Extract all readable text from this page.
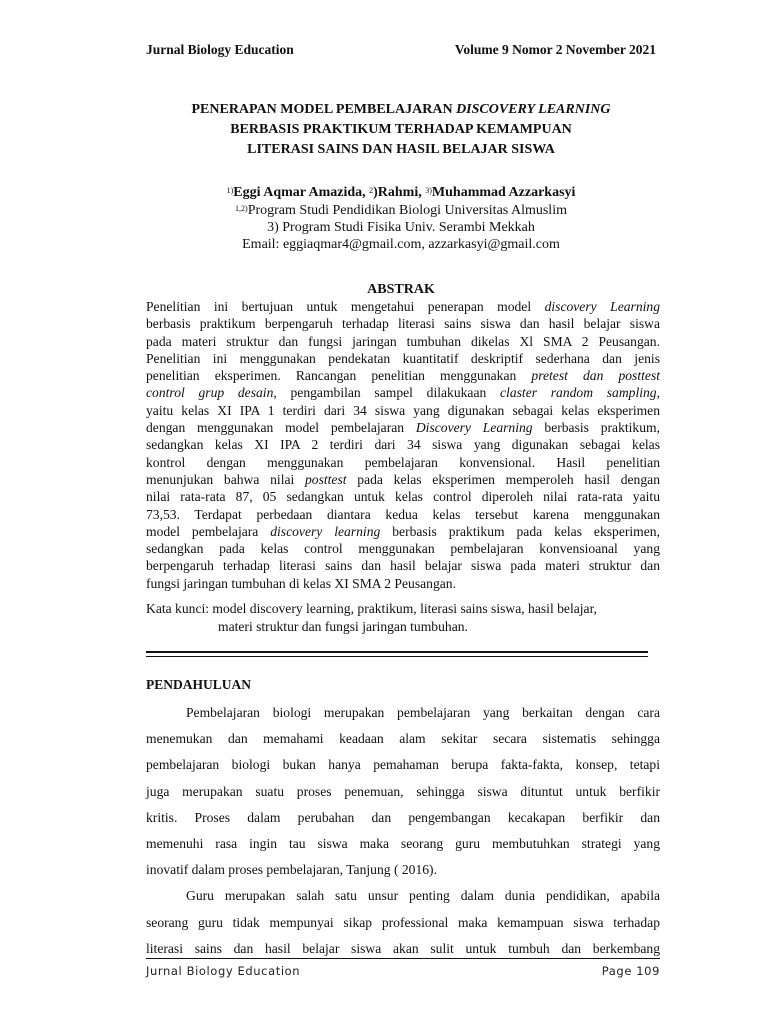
Jurnal Biology Education	Volume 9 Nomor 2 November 2021
PENERAPAN MODEL PEMBELAJARAN DISCOVERY LEARNING
BERBASIS PRAKTIKUM TERHADAP KEMAMPUAN
LITERASI SAINS DAN HASIL BELAJAR SISWA
$^{1)}$Eggi Aqmar Amazida, $^2$)Rahmi, $^{3)}$Muhammad Azzarkasyi
$^{1,2)}$Program Studi Pendidikan Biologi Universitas Almuslim
3) Program Studi Fisika Univ. Serambi Mekkah
Email: eggiaqmar4@gmail.com, azzarkasyi@gmail.com
ABSTRAK
Penelitian ini bertujuan untuk mengetahui penerapan model discovery Learning
berbasis praktikum berpengaruh terhadap literasi sains siswa dan hasil belajar siswa
pada materi struktur dan fungsi jaringan tumbuhan dikelas Xl SMA 2 Peusangan.
Penelitian ini menggunakan pendekatan kuantitatif deskriptif sederhana dan jenis
penelitian eksperimen. Rancangan penelitian menggunakan pretest dan posttest
control grup desain, pengambilan sampel dilakukaan claster random sampling,
yaitu kelas XI IPA 1 terdiri dari 34 siswa yang digunakan sebagai kelas eksperimen
dengan menggunakan model pembelajaran Discovery Learning berbasis praktikum,
sedangkan kelas XI IPA 2 terdiri dari 34 siswa yang digunakan sebagai kelas
kontrol dengan menggunakan pembelajaran konvensional. Hasil penelitian
menunjukan bahwa nilai posttest pada kelas eksperimen memperoleh hasil dengan
nilai rata-rata 87, 05 sedangkan untuk kelas control diperoleh nilai rata-rata yaitu
73,53. Terdapat perbedaan diantara kedua kelas tersebut karena menggunakan
model pembelajara discovery learning berbasis praktikum pada kelas eksperimen,
sedangkan pada kelas control menggunakan pembelajaran konvensioanal yang
berpengaruh terhadap literasi sains dan hasil belajar siswa pada materi struktur dan
fungsi jaringan tumbuhan di kelas XI SMA 2 Peusangan.
Kata kunci: model discovery learning, praktikum, literasi sains siswa, hasil belajar,
materi struktur dan fungsi jaringan tumbuhan.
PENDAHULUAN
Pembelajaran biologi merupakan pembelajaran yang berkaitan dengan cara
menemukan dan memahami keadaan alam sekitar secara sistematis sehingga
pembelajaran biologi bukan hanya pemahaman berupa fakta-fakta, konsep, tetapi
juga merupakan suatu proses penemuan, sehingga siswa dituntut untuk berfikir
kritis. Proses dalam perubahan dan pengembangan kecakapan berfikir dan
memenuhi rasa ingin tau siswa maka seorang guru membutuhkan strategi yang
inovatif dalam proses pembelajaran, Tanjung ( 2016).
Guru merupakan salah satu unsur penting dalam dunia pendidikan, apabila
seorang guru tidak mempunyai sikap professional maka kemampuan siswa terhadap
literasi sains dan hasil belajar siswa akan sulit untuk tumbuh dan berkembang
Jurnal Biology Education	Page 109
